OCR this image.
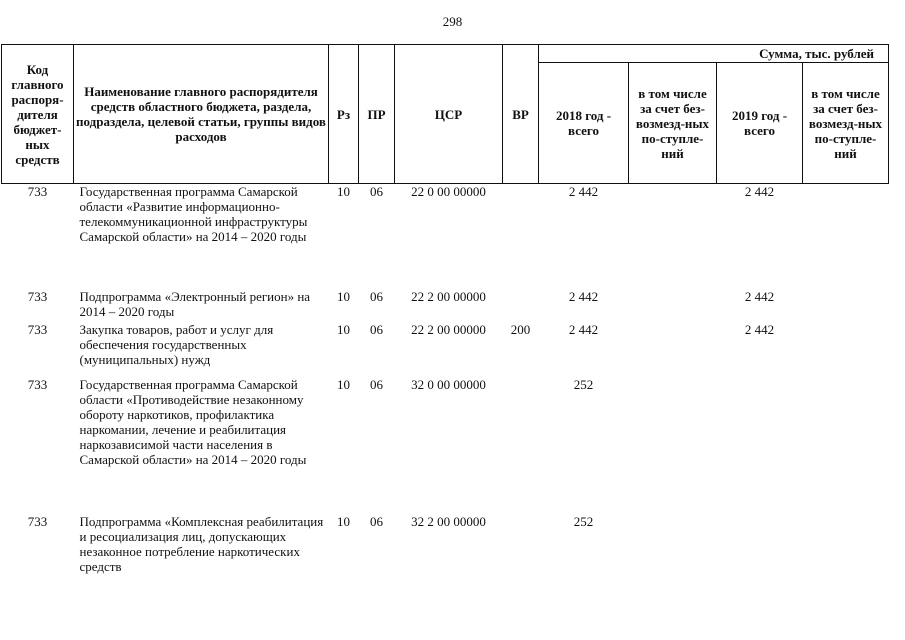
298
Код главного распоря-дителя бюджет-ных средств	Наименование главного распорядителя средств областного бюджета, раздела, подраздела, целевой статьи, группы видов расходов	Рз	ПР	ЦСР	ВР	Сумма, тыс. рублей			
						2018 год - всего	в том числе за счет без-возмезд-ных по-ступле-ний	2019 год - всего	в том числе за счет без-возмезд-ных по-ступле-ний
733	Государственная программа Самарской области «Развитие информационно-телекоммуникационной инфраструктуры Самарской области» на 2014 – 2020 годы	10	06	22 0 00 00000		2 442		2 442	
733	Подпрограмма «Электронный регион» на 2014 – 2020 годы	10	06	22 2 00 00000		2 442		2 442	
733	Закупка товаров, работ и услуг для обеспечения государственных (муниципальных) нужд	10	06	22 2 00 00000	200	2 442		2 442	
733	Государственная программа Самарской области «Противодействие незаконному обороту наркотиков, профилактика наркомании, лечение и реабилитация наркозависимой части населения в Самарской области» на 2014 – 2020 годы	10	06	32 0 00 00000		252			
733	Подпрограмма «Комплексная реабилитация и ресоциализация лиц, допускающих незаконное потребление наркотических средств	10	06	32 2 00 00000		252			
